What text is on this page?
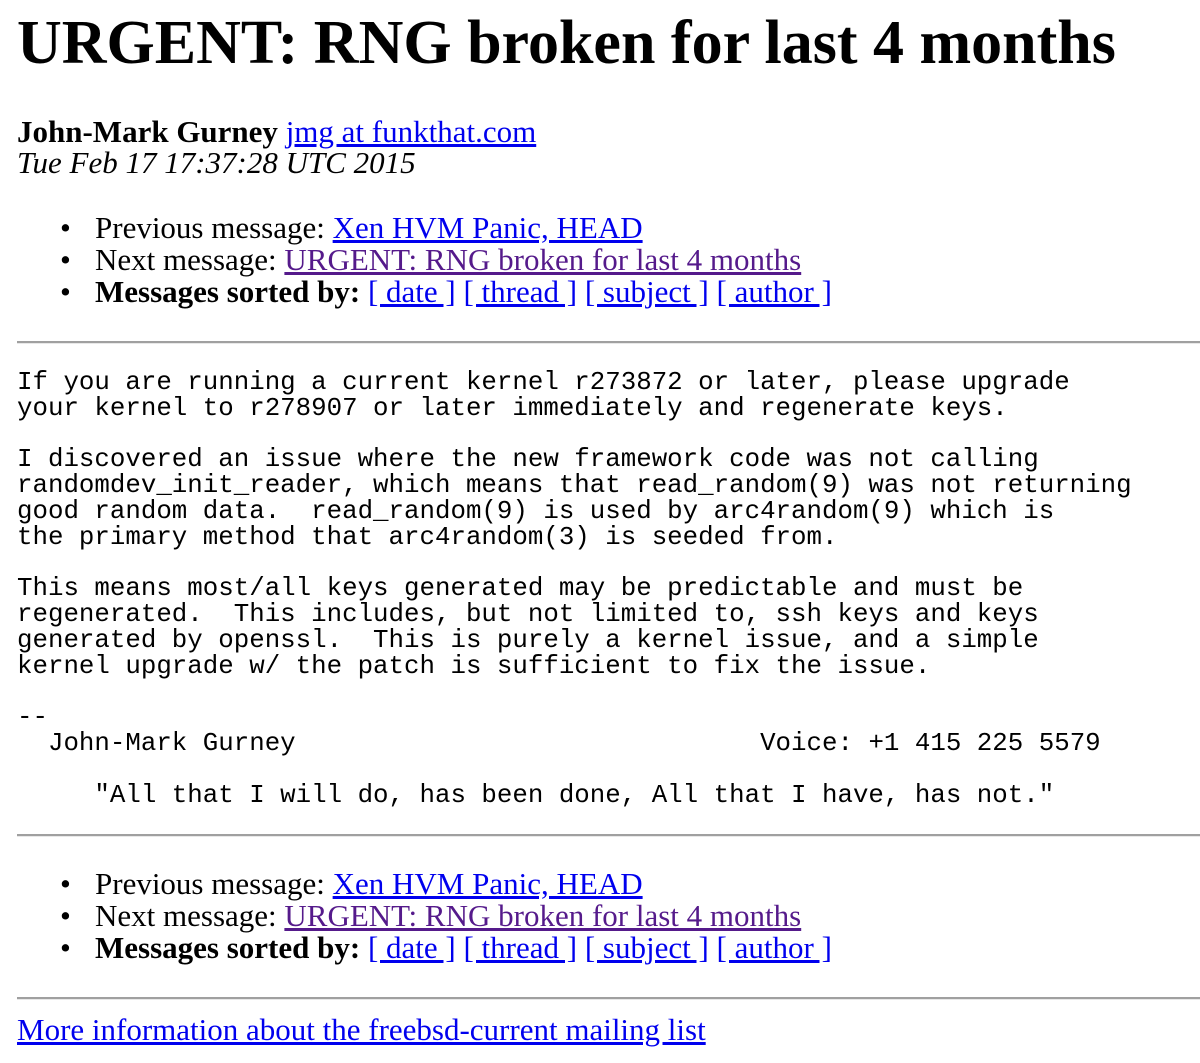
URGENT: RNG broken for last 4 months
John-Mark Gurney jmg at funkthat.com
Tue Feb 17 17:37:28 UTC 2015
• Previous message: Xen HVM Panic, HEAD
• Next message: URGENT: RNG broken for last 4 months
• Messages sorted by: [ date ] [ thread ] [ subject ] [ author ]
If you are running a current kernel r273872 or later, please upgrade
your kernel to r278907 or later immediately and regenerate keys.

I discovered an issue where the new framework code was not calling
randomdev_init_reader, which means that read_random(9) was not returning
good random data.  read_random(9) is used by arc4random(9) which is
the primary method that arc4random(3) is seeded from.

This means most/all keys generated may be predictable and must be
regenerated.  This includes, but not limited to, ssh keys and keys
generated by openssl.  This is purely a kernel issue, and a simple
kernel upgrade w/ the patch is sufficient to fix the issue.

--
John-Mark Gurney				Voice: +1 415 225 5579

"All that I will do, has been done, All that I have, has not."
• Previous message: Xen HVM Panic, HEAD
• Next message: URGENT: RNG broken for last 4 months
• Messages sorted by: [ date ] [ thread ] [ subject ] [ author ]
More information about the freebsd-current mailing list
